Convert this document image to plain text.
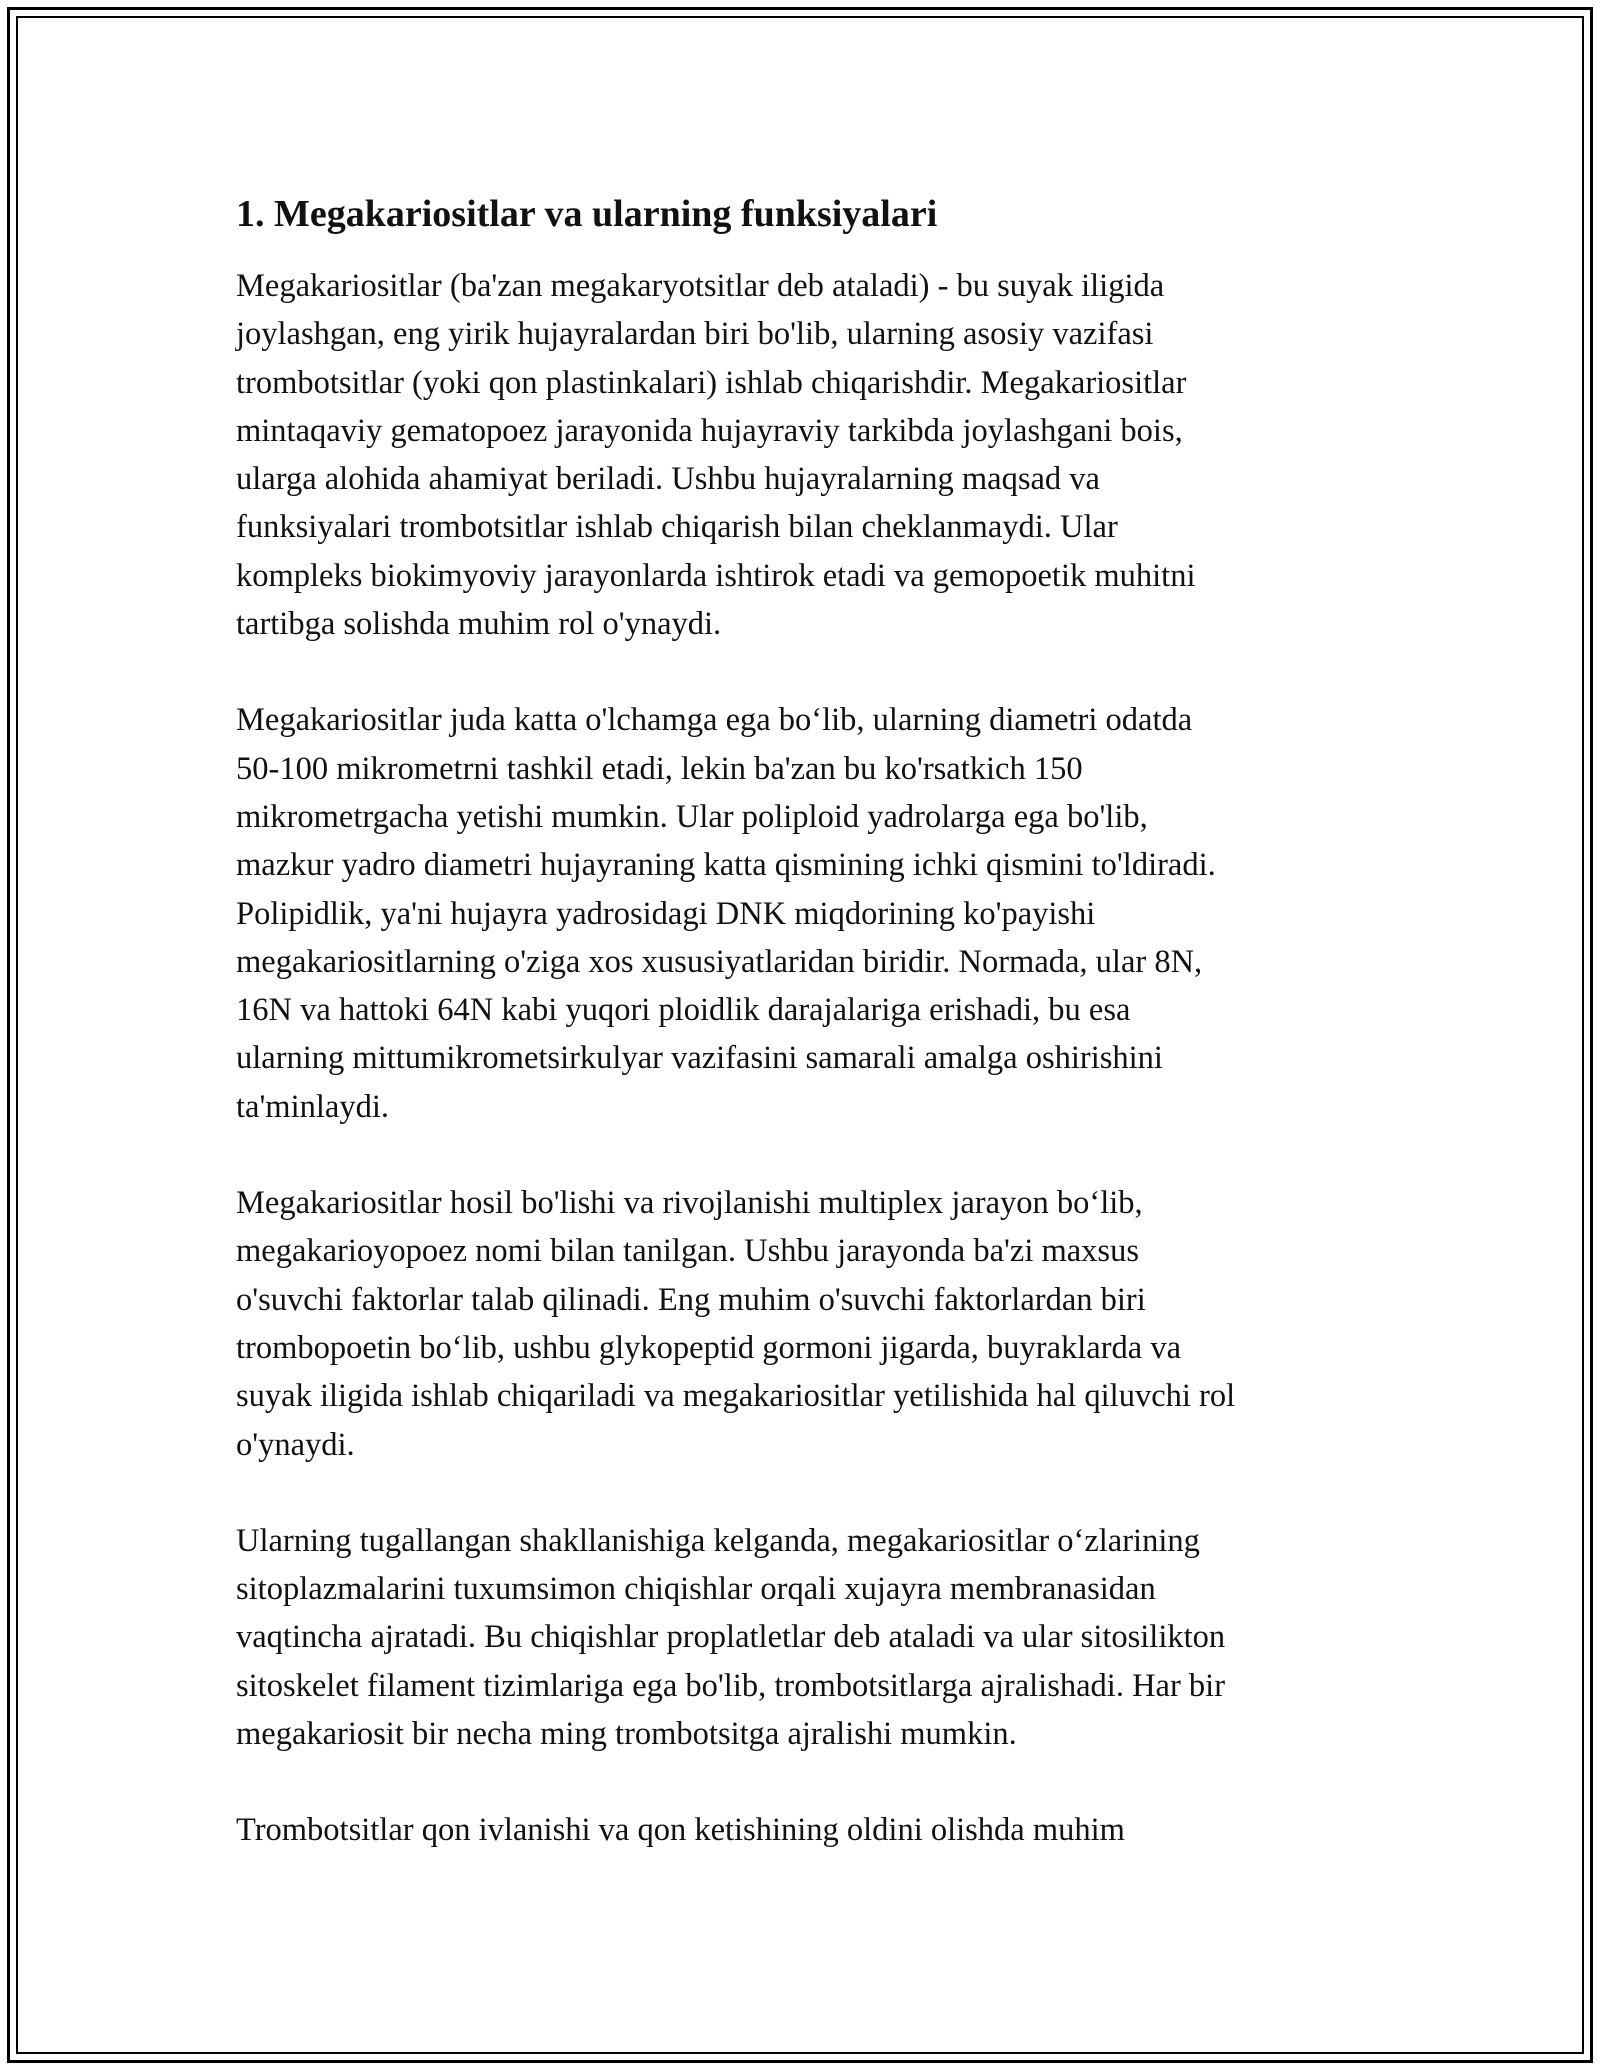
1. Megakariositlar va ularning funksiyalari

Megakariositlar (ba'zan megakaryotsitlar deb ataladi) - bu suyak iligida
joylashgan, eng yirik hujayralardan biri bo'lib, ularning asosiy vazifasi
trombotsitlar (yoki qon plastinkalari) ishlab chiqarishdir. Megakariositlar
mintaqaviy gematopoez jarayonida hujayraviy tarkibda joylashgani bois,
ularga alohida ahamiyat beriladi. Ushbu hujayralarning maqsad va
funksiyalari trombotsitlar ishlab chiqarish bilan cheklanmaydi. Ular
kompleks biokimyoviy jarayonlarda ishtirok etadi va gemopoetik muhitni
tartibga solishda muhim rol o'ynaydi.

Megakariositlar juda katta o'lchamga ega bo‘lib, ularning diametri odatda
50-100 mikrometrni tashkil etadi, lekin ba'zan bu ko'rsatkich 150
mikrometrgacha yetishi mumkin. Ular poliploid yadrolarga ega bo'lib,
mazkur yadro diametri hujayraning katta qismining ichki qismini to'ldiradi.
Polipidlik, ya'ni hujayra yadrosidagi DNK miqdorining ko'payishi
megakariositlarning o'ziga xos xususiyatlaridan biridir. Normada, ular 8N,
16N va hattoki 64N kabi yuqori ploidlik darajalariga erishadi, bu esa
ularning mittumikrometsirkulyar vazifasini samarali amalga oshirishini
ta'minlaydi.

Megakariositlar hosil bo'lishi va rivojlanishi multiplex jarayon bo‘lib,
megakarioyopoez nomi bilan tanilgan. Ushbu jarayonda ba'zi maxsus
o'suvchi faktorlar talab qilinadi. Eng muhim o'suvchi faktorlardan biri
trombopoetin bo‘lib, ushbu glykopeptid gormoni jigarda, buyraklarda va
suyak iligida ishlab chiqariladi va megakariositlar yetilishida hal qiluvchi rol
o'ynaydi.

Ularning tugallangan shakllanishiga kelganda, megakariositlar o‘zlarining
sitoplazmalarini tuxumsimon chiqishlar orqali xujayra membranasidan
vaqtincha ajratadi. Bu chiqishlar proplatletlar deb ataladi va ular sitosilikton
sitoskelet filament tizimlariga ega bo'lib, trombotsitlarga ajralishadi. Har bir
megakariosit bir necha ming trombotsitga ajralishi mumkin.

Trombotsitlar qon ivlanishi va qon ketishining oldini olishda muhim
